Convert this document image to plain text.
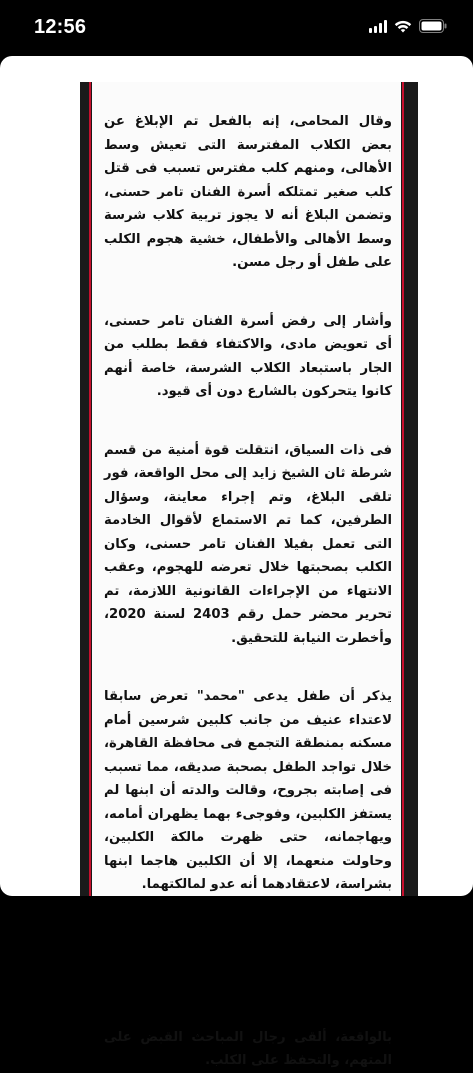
12:56

وقال المحامى، إنه بالفعل تم الإبلاغ عن بعض الكلاب المفترسة التى تعيش وسط الأهالى، ومنهم كلب مفترس تسبب فى قتل كلب صغير تمتلكه أسرة الفنان تامر حسنى، وتضمن البلاغ أنه لا يجوز تربية كلاب شرسة وسط الأهالى والأطفال، خشية هجوم الكلب على طفل أو رجل مسن.

وأشار إلى رفض أسرة الفنان تامر حسنى، أى تعويض مادى، والاكتفاء فقط بطلب من الجار باستبعاد الكلاب الشرسة، خاصة أنهم كانوا يتحركون بالشارع دون أى قيود.

فى ذات السياق، انتقلت قوة أمنية من قسم شرطة ثان الشيخ زايد إلى محل الواقعة، فور تلقى البلاغ، وتم إجراء معاينة، وسؤال الطرفين، كما تم الاستماع لأقوال الخادمة التى تعمل بفيلا الفنان تامر حسنى، وكان الكلب بصحبتها خلال تعرضه للهجوم، وعقب الانتهاء من الإجراءات القانونية اللازمة، تم تحرير محضر حمل رقم 2403 لسنة 2020، وأخطرت النيابة للتحقيق.

يذكر أن طفل يدعى "محمد" تعرض سابقا لاعتداء عنيف من جانب كلبين شرسين أمام مسكنه بمنطقة التجمع فى محافظة القاهرة، خلال تواجد الطفل بصحبة صديقه، مما تسبب فى إصابته بجروح، وقالت والدته أن ابنها لم يستفز الكلبين، وفوجىء بهما يظهران أمامه، ويهاجمانه، حتى ظهرت مالكة الكلبين، وحاولت منعهما، إلا أن الكلبين هاجما ابنها بشراسة، لاعتقادهما أنه عدو لمالكتهما.

بالواقعة، ألقى رجال المباحث القبض على المتهم، والتحفظ على الكلب.
